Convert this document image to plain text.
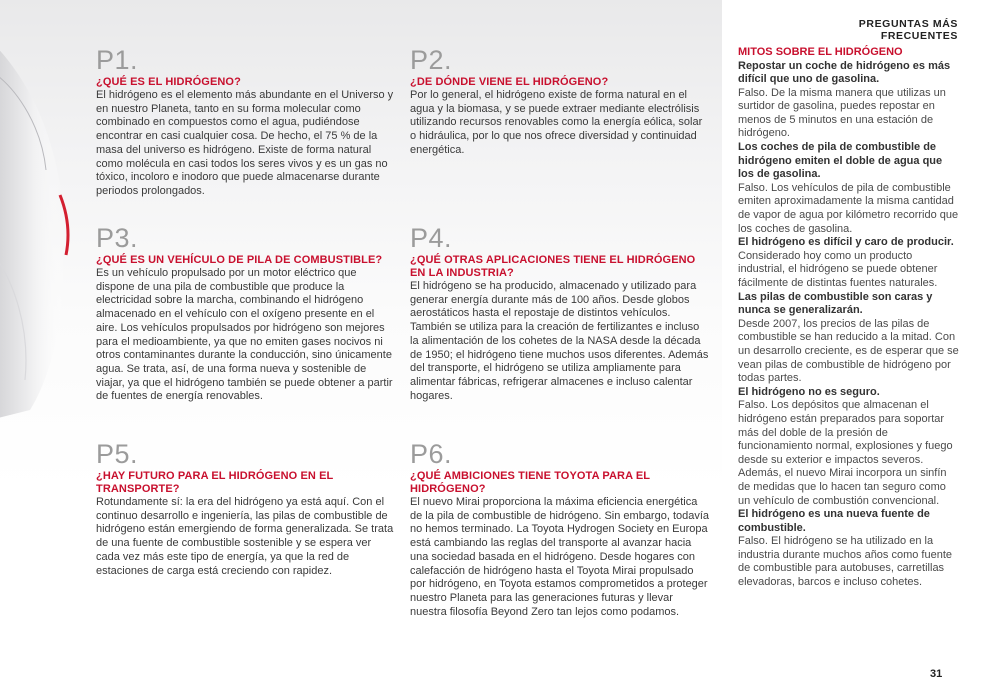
PREGUNTAS MÁS FRECUENTES
P1.
¿QUÉ ES EL HIDRÓGENO?

El hidrógeno es el elemento más abundante en el Universo y en nuestro Planeta, tanto en su forma molecular como combinado en compuestos como el agua, pudiéndose encontrar en casi cualquier cosa. De hecho, el 75 % de la masa del universo es hidrógeno. Existe de forma natural como molécula en casi todos los seres vivos y es un gas no tóxico, incoloro e inodoro que puede almacenarse durante periodos prolongados.

P2.
¿DE DÓNDE VIENE EL HIDRÓGENO?

Por lo general, el hidrógeno existe de forma natural en el agua y la biomasa, y se puede extraer mediante electrólisis utilizando recursos renovables como la energía eólica, solar o hidráulica, por lo que nos ofrece diversidad y continuidad energética.

P3.
¿QUÉ ES UN VEHÍCULO DE PILA DE COMBUSTIBLE?

Es un vehículo propulsado por un motor eléctrico que dispone de una pila de combustible que produce la electricidad sobre la marcha, combinando el hidrógeno almacenado en el vehículo con el oxígeno presente en el aire. Los vehículos propulsados por hidrógeno son mejores para el medioambiente, ya que no emiten gases nocivos ni otros contaminantes durante la conducción, sino únicamente agua. Se trata, así, de una forma nueva y sostenible de viajar, ya que el hidrógeno también se puede obtener a partir de fuentes de energía renovables.

P4.
¿QUÉ OTRAS APLICACIONES TIENE EL HIDRÓGENO EN LA INDUSTRIA?

El hidrógeno se ha producido, almacenado y utilizado para generar energía durante más de 100 años. Desde globos aerostáticos hasta el repostaje de distintos vehículos. También se utiliza para la creación de fertilizantes e incluso la alimentación de los cohetes de la NASA desde la década de 1950; el hidrógeno tiene muchos usos diferentes. Además del transporte, el hidrógeno se utiliza ampliamente para alimentar fábricas, refrigerar almacenes e incluso calentar hogares.

P5.
¿HAY FUTURO PARA EL HIDRÓGENO EN EL TRANSPORTE?

Rotundamente sí: la era del hidrógeno ya está aquí. Con el continuo desarrollo e ingeniería, las pilas de combustible de hidrógeno están emergiendo de forma generalizada. Se trata de una fuente de combustible sostenible y se espera ver cada vez más este tipo de energía, ya que la red de estaciones de carga está creciendo con rapidez.

P6.
¿QUÉ AMBICIONES TIENE TOYOTA PARA EL HIDRÓGENO?

El nuevo Mirai proporciona la máxima eficiencia energética de la pila de combustible de hidrógeno. Sin embargo, todavía no hemos terminado. La Toyota Hydrogen Society en Europa está cambiando las reglas del transporte al avanzar hacia una sociedad basada en el hidrógeno. Desde hogares con calefacción de hidrógeno hasta el Toyota Mirai propulsado por hidrógeno, en Toyota estamos comprometidos a proteger nuestro Planeta para las generaciones futuras y llevar nuestra filosofía Beyond Zero tan lejos como podamos.

MITOS SOBRE EL HIDRÓGENO
Repostar un coche de hidrógeno es más difícil que uno de gasolina.

Falso. De la misma manera que utilizas un surtidor de gasolina, puedes repostar en menos de 5 minutos en una estación de hidrógeno.

Los coches de pila de combustible de hidrógeno emiten el doble de agua que los de gasolina.

Falso. Los vehículos de pila de combustible emiten aproximadamente la misma cantidad de vapor de agua por kilómetro recorrido que los coches de gasolina.

El hidrógeno es difícil y caro de producir.

Considerado hoy como un producto industrial, el hidrógeno se puede obtener fácilmente de distintas fuentes naturales.

Las pilas de combustible son caras y nunca se generalizarán.

Desde 2007, los precios de las pilas de combustible se han reducido a la mitad. Con un desarrollo creciente, es de esperar que se vean pilas de combustible de hidrógeno por todas partes.

El hidrógeno no es seguro.

Falso. Los depósitos que almacenan el hidrógeno están preparados para soportar más del doble de la presión de funcionamiento normal, explosiones y fuego desde su exterior e impactos severos. Además, el nuevo Mirai incorpora un sinfín de medidas que lo hacen tan seguro como un vehículo de combustión convencional.

El hidrógeno es una nueva fuente de combustible.

Falso. El hidrógeno se ha utilizado en la industria durante muchos años como fuente de combustible para autobuses, carretillas elevadoras, barcos e incluso cohetes.

31
